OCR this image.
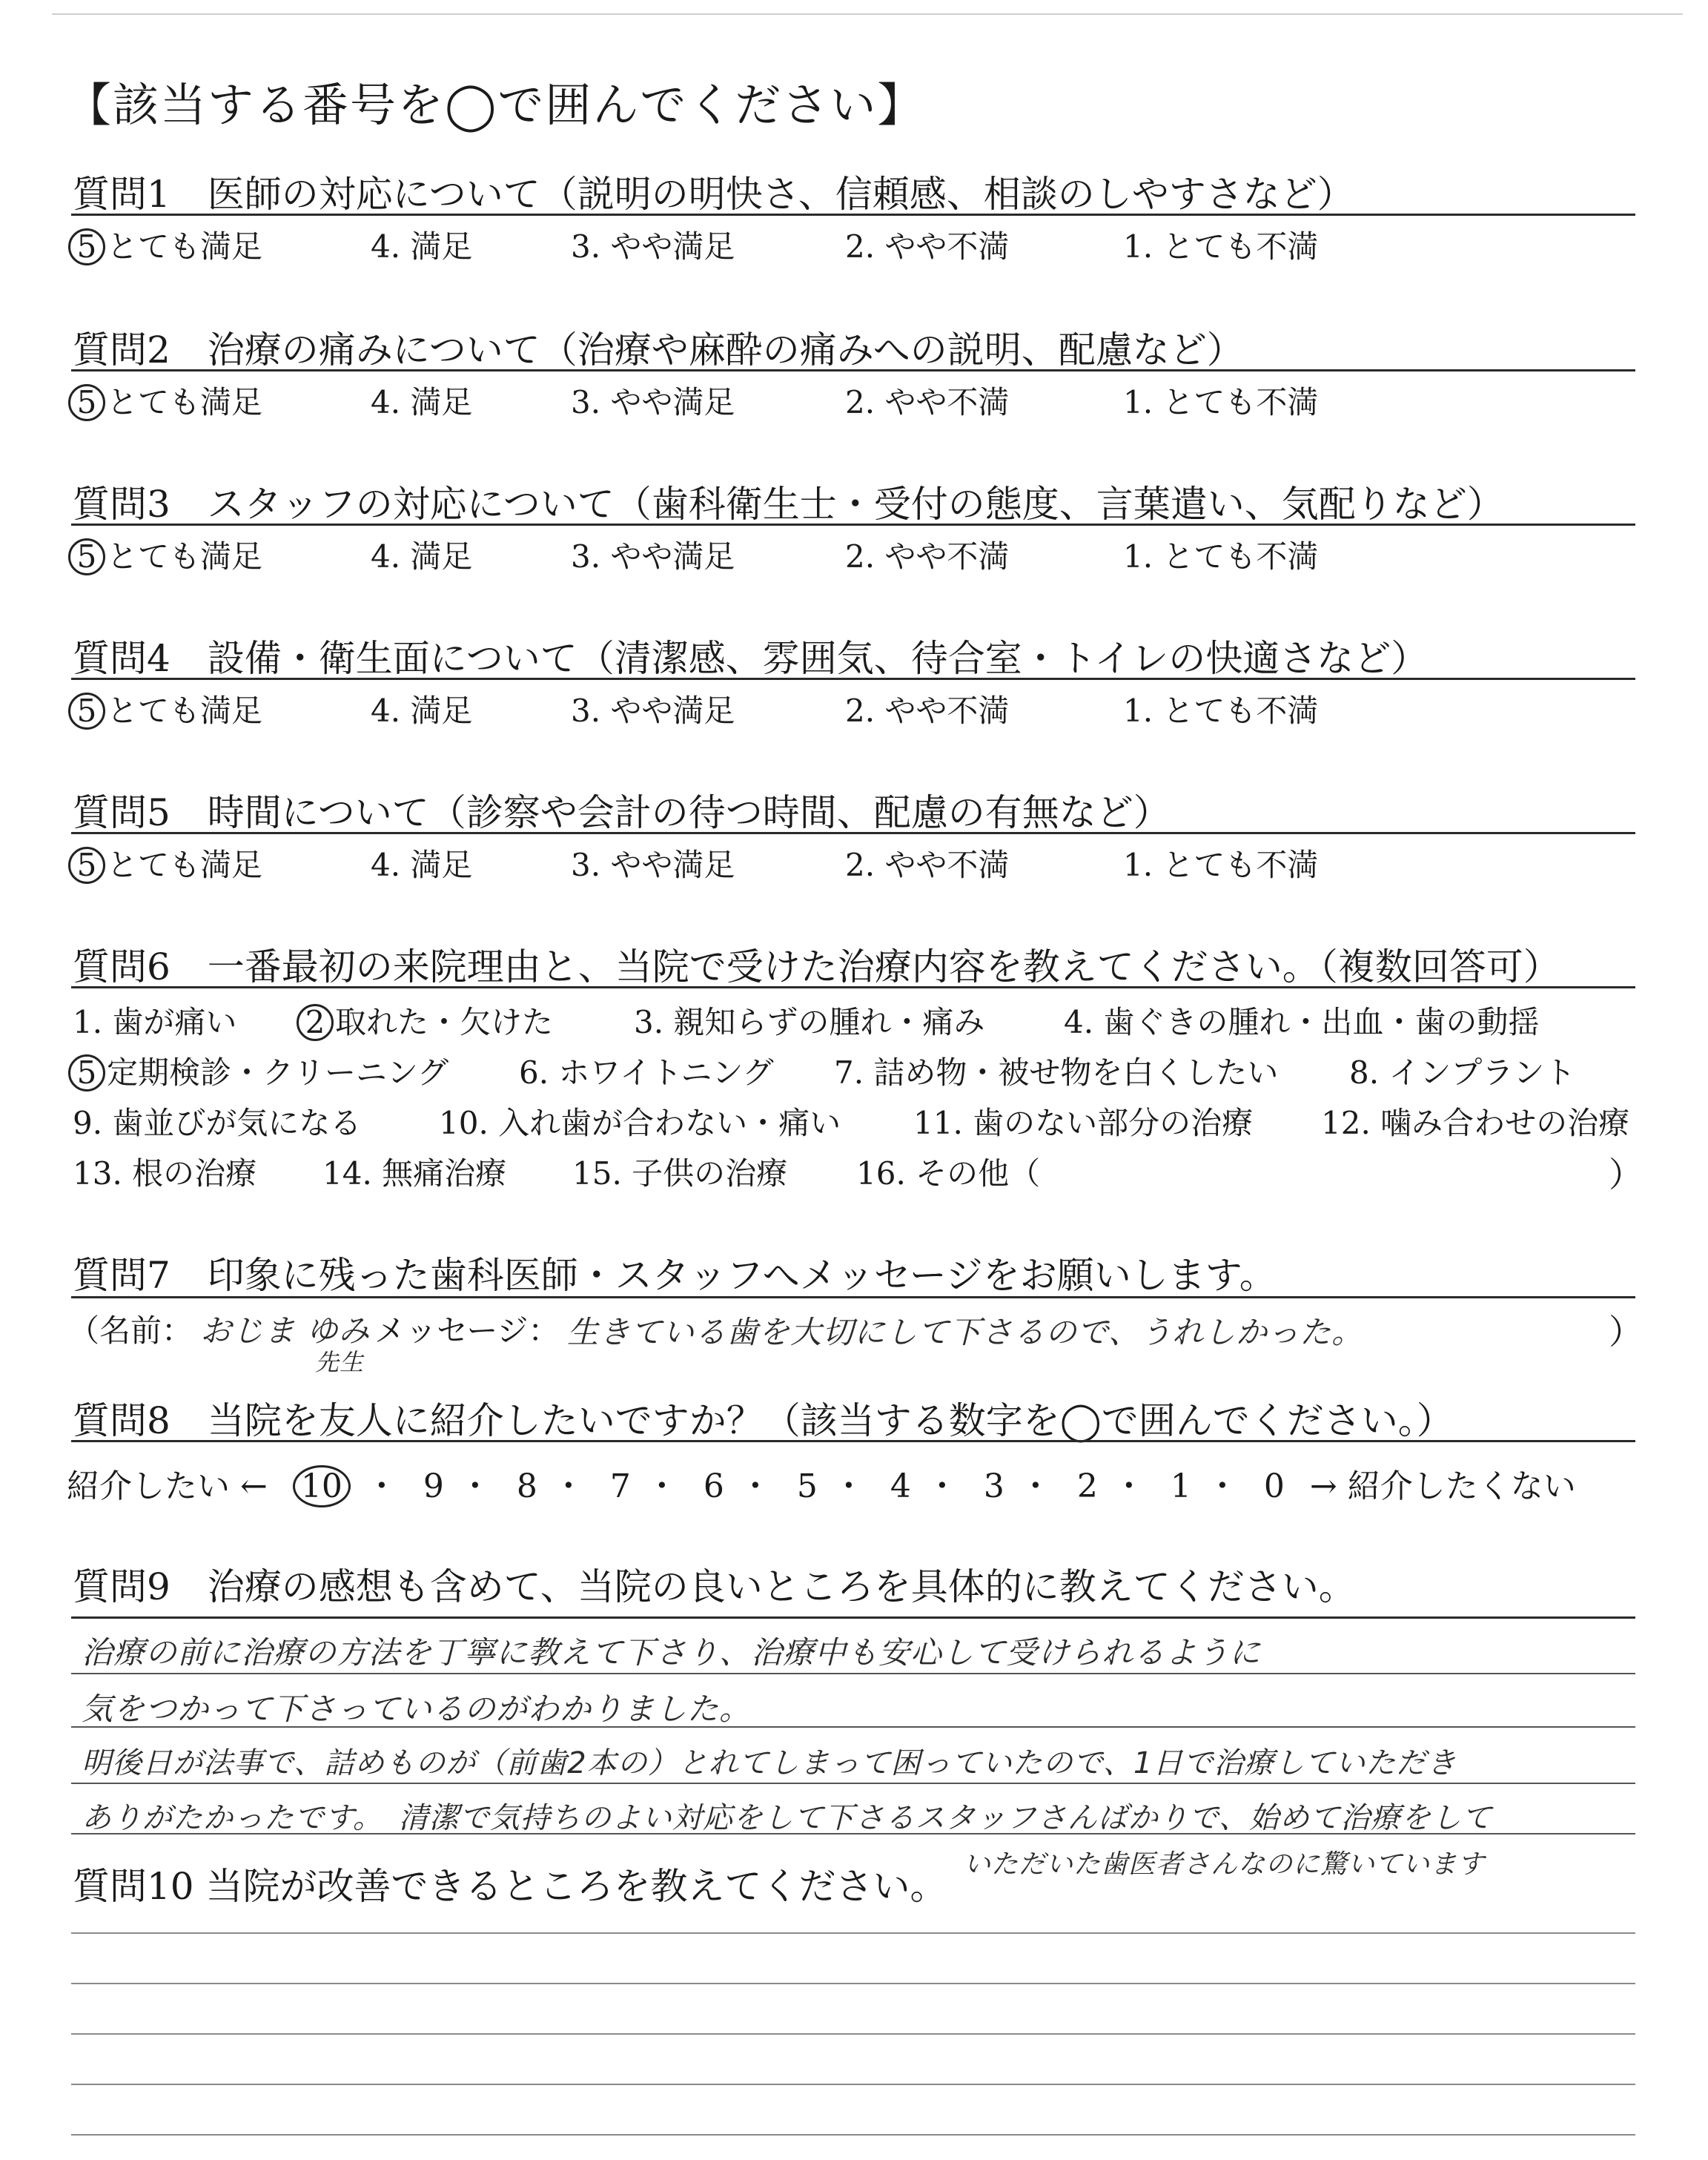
【該当する番号を◯で囲んでください】
質問1　医師の対応について（説明の明快さ、信頼感、相談のしやすさなど）
5 とても満足	4. 満足	3. やや満足	2. やや不満	1. とても不満
質問2　治療の痛みについて（治療や麻酔の痛みへの説明、配慮など）
5 とても満足	4. 満足	3. やや満足	2. やや不満	1. とても不満
質問3　スタッフの対応について（歯科衛生士・受付の態度、言葉遣い、気配りなど）
5 とても満足	4. 満足	3. やや満足	2. やや不満	1. とても不満
質問4　設備・衛生面について（清潔感、雰囲気、待合室・トイレの快適さなど）
5 とても満足	4. 満足	3. やや満足	2. やや不満	1. とても不満
質問5　時間について（診察や会計の待つ時間、配慮の有無など）
5 とても満足	4. 満足	3. やや満足	2. やや不満	1. とても不満
質問6　一番最初の来院理由と、当院で受けた治療内容を教えてください。（複数回答可）
1. 歯が痛い 2 取れた・欠けた	3. 親知らずの腫れ・痛み	4. 歯ぐきの腫れ・出血・歯の動揺
5 定期検診・クリーニング 6. ホワイトニング 7. 詰め物・被せ物を白くしたい 8. インプラント
9. 歯並びが気になる 10. 入れ歯が合わない・痛い 11. 歯のない部分の治療 12. 噛み合わせの治療
13. 根の治療 14. 無痛治療 15. 子供の治療 16. その他（	）
質問7　印象に残った歯科医師・スタッフへメッセージをお願いします。
（名前： おじま ゆみ
先生
メッセージ： 生きている歯を大切にして下さるので、うれしかった。	）
質問8　当院を友人に紹介したいですか？（該当する数字を◯で囲んでください。）
紹介したい ← 10 ・ 9 ・ 8 ・ 7 ・ 6 ・ 5 ・ 4 ・ 3 ・ 2 ・ 1 ・ 0 → 紹介したくない
10
質問9　治療の感想も含めて、当院の良いところを具体的に教えてください。
治療の前に治療の方法を丁寧に教えて下さり、治療中も安心して受けられるように
気をつかって下さっているのがわかりました。
明後日が法事で、詰めものが（前歯2本の）とれてしまって困っていたので、1日で治療していただき
ありがたかったです。　清潔で気持ちのよい対応をして下さるスタッフさんばかりで、始めて治療をして
いただいた歯医者さんなのに驚いています
質問10 当院が改善できるところを教えてください。
